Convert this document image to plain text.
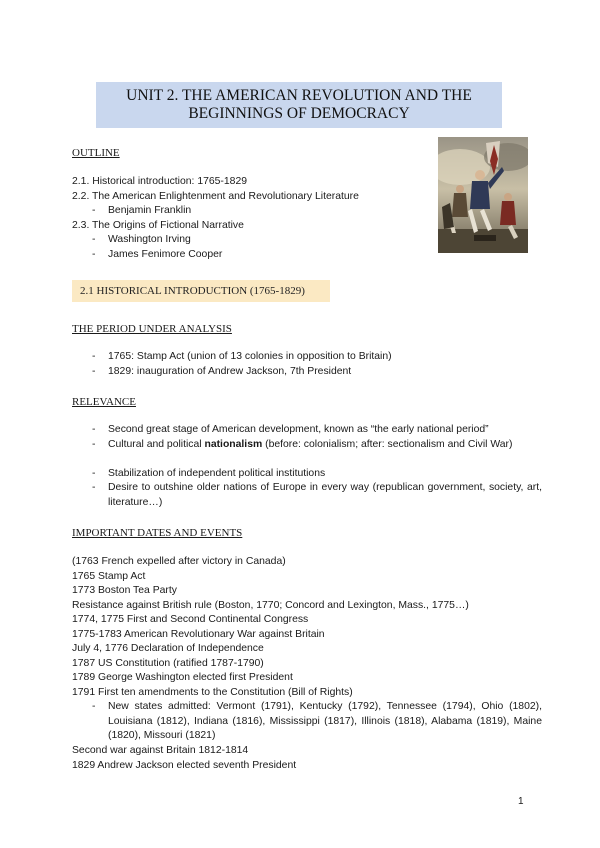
UNIT 2. THE AMERICAN REVOLUTION AND THE
BEGINNINGS OF DEMOCRACY
OUTLINE
2.1. Historical introduction: 1765-1829
2.2. The American Enlightenment and Revolutionary Literature
- Benjamin Franklin
2.3. The Origins of Fictional Narrative
- Washington Irving
- James Fenimore Cooper
2.1 HISTORICAL INTRODUCTION (1765-1829)
THE PERIOD UNDER ANALYSIS
- 1765: Stamp Act (union of 13 colonies in opposition to Britain)
- 1829: inauguration of Andrew Jackson, 7th President
RELEVANCE
- Second great stage of American development, known as “the early national period”
- Cultural and political nationalism (before: colonialism; after: sectionalism and Civil War)
- Stabilization of independent political institutions
- Desire to outshine older nations of Europe in every way (republican government, society, art, literature…)
IMPORTANT DATES AND EVENTS
(1763 French expelled after victory in Canada)
1765 Stamp Act
1773 Boston Tea Party
Resistance against British rule (Boston, 1770; Concord and Lexington, Mass., 1775…)
1774, 1775 First and Second Continental Congress
1775-1783 American Revolutionary War against Britain
July 4, 1776 Declaration of Independence
1787 US Constitution (ratified 1787-1790)
1789 George Washington elected first President
1791 First ten amendments to the Constitution (Bill of Rights)
- New states admitted: Vermont (1791), Kentucky (1792), Tennessee (1794), Ohio (1802), Louisiana (1812), Indiana (1816), Mississippi (1817), Illinois (1818), Alabama (1819), Maine (1820), Missouri (1821)
Second war against Britain 1812-1814
1829 Andrew Jackson elected seventh President
1
